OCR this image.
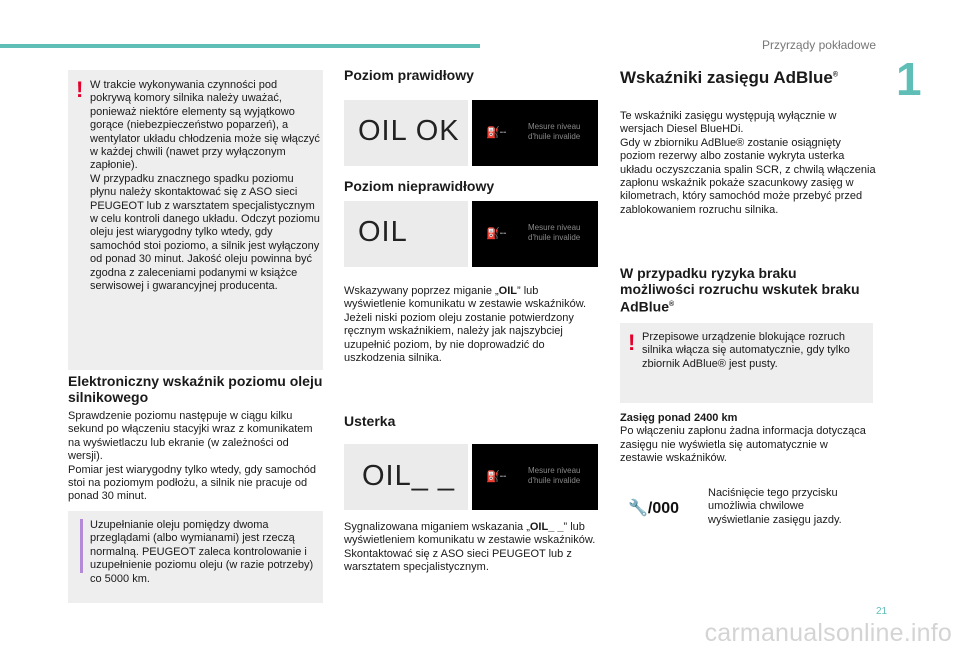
Przyrządy pokładowe
1
! W trakcie wykonywania czynności pod pokrywą komory silnika należy uważać, ponieważ niektóre elementy są wyjątkowo gorące (niebezpieczeństwo poparzeń), a wentylator układu chłodzenia może się włączyć w każdej chwili (nawet przy wyłączonym zapłonie).
W przypadku znacznego spadku poziomu płynu należy skontaktować się z ASO sieci PEUGEOT lub z warsztatem specjalistycznym w celu kontroli danego układu. Odczyt poziomu oleju jest wiarygodny tylko wtedy, gdy samochód stoi poziomo, a silnik jest wyłączony od ponad 30 minut. Jakość oleju powinna być zgodna z zaleceniami podanymi w książce serwisowej i gwarancyjnej producenta.
Elektroniczny wskaźnik poziomu oleju silnikowego
Sprawdzenie poziomu następuje w ciągu kilku sekund po włączeniu stacyjki wraz z komunikatem na wyświetlaczu lub ekranie (w zależności od wersji).
Pomiar jest wiarygodny tylko wtedy, gdy samochód stoi na poziomym podłożu, a silnik nie pracuje od ponad 30 minut.
Uzupełnianie oleju pomiędzy dwoma przeglądami (albo wymianami) jest rzeczą normalną. PEUGEOT zaleca kontrolowanie i uzupełnienie poziomu oleju (w razie potrzeby) co 5000 km.
Poziom prawidłowy
OIL OK ⛽╌
Mesure niveau
d'huile invalide
Poziom nieprawidłowy
OIL	⛽╌
Mesure niveau
d'huile invalide
Wskazywany poprzez miganie „OIL” lub wyświetlenie komunikatu w zestawie wskaźników.
Jeżeli niski poziom oleju zostanie potwierdzony ręcznym wskaźnikiem, należy jak najszybciej uzupełnić poziom, by nie doprowadzić do uszkodzenia silnika.
Usterka
OIL_ _	⛽╌
Mesure niveau
d'huile invalide
Sygnalizowana miganiem wskazania „OIL_ _” lub wyświetleniem komunikatu w zestawie wskaźników. Skontaktować się z ASO sieci PEUGEOT lub z warsztatem specjalistycznym.
Wskaźniki zasięgu AdBlue®
Te wskaźniki zasięgu występują wyłącznie w wersjach Diesel BlueHDi.
Gdy w zbiorniku AdBlue® zostanie osiągnięty poziom rezerwy albo zostanie wykryta usterka układu oczyszczania spalin SCR, z chwilą włączenia zapłonu wskaźnik pokaże szacunkowy zasięg w kilometrach, który samochód może przebyć przed zablokowaniem rozruchu silnika.
W przypadku ryzyka braku możliwości rozruchu wskutek braku AdBlue®
! Przepisowe urządzenie blokujące rozruch silnika włącza się automatycznie, gdy tylko zbiornik AdBlue® jest pusty.
Zasięg ponad 2400 km
Po włączeniu zapłonu żadna informacja dotycząca zasięgu nie wyświetla się automatycznie w zestawie wskaźników.
🔧/000
Naciśnięcie tego przycisku umożliwia chwilowe wyświetlanie zasięgu jazdy.
21
carmanualsonline.info
